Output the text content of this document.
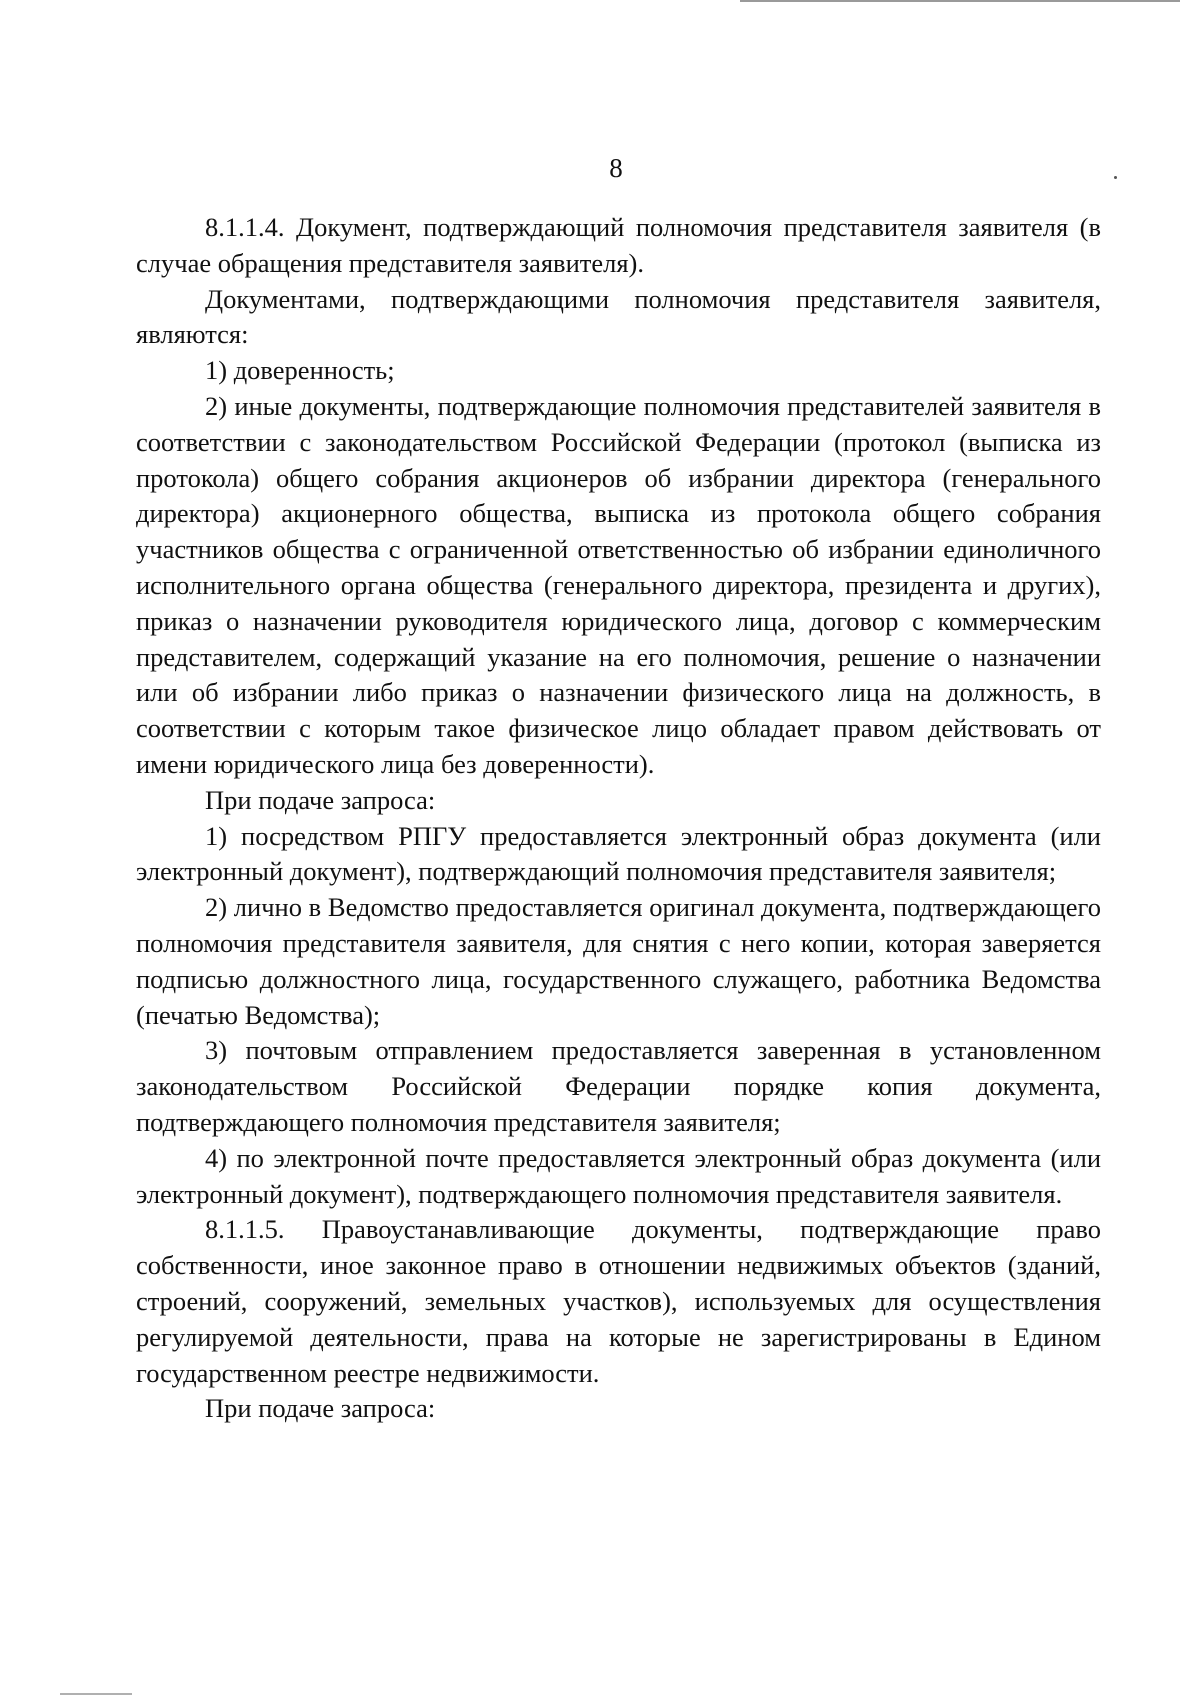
8

8.1.1.4. Документ, подтверждающий полномочия представителя заявителя (в случае обращения представителя заявителя).

Документами, подтверждающими полномочия представителя заявителя, являются:

1) доверенность;

2) иные документы, подтверждающие полномочия представителей заявителя в соответствии с законодательством Российской Федерации (протокол (выписка из протокола) общего собрания акционеров об избрании директора (генерального директора) акционерного общества, выписка из протокола общего собрания участников общества с ограниченной ответственностью об избрании единоличного исполнительного органа общества (генерального директора, президента и других), приказ о назначении руководителя юридического лица, договор с коммерческим представителем, содержащий указание на его полномочия, решение о назначении или об избрании либо приказ о назначении физического лица на должность, в соответствии с которым такое физическое лицо обладает правом действовать от имени юридического лица без доверенности).

При подаче запроса:

1) посредством РПГУ предоставляется электронный образ документа (или электронный документ), подтверждающий полномочия представителя заявителя;

2) лично в Ведомство предоставляется оригинал документа, подтверждающего полномочия представителя заявителя, для снятия с него копии, которая заверяется подписью должностного лица, государственного служащего, работника Ведомства (печатью Ведомства);

3) почтовым отправлением предоставляется заверенная в установленном законодательством Российской Федерации порядке копия документа, подтверждающего полномочия представителя заявителя;

4) по электронной почте предоставляется электронный образ документа (или электронный документ), подтверждающего полномочия представителя заявителя.

8.1.1.5. Правоустанавливающие документы, подтверждающие право собственности, иное законное право в отношении недвижимых объектов (зданий, строений, сооружений, земельных участков), используемых для осуществления регулируемой деятельности, права на которые не зарегистрированы в Едином государственном реестре недвижимости.

При подаче запроса:
